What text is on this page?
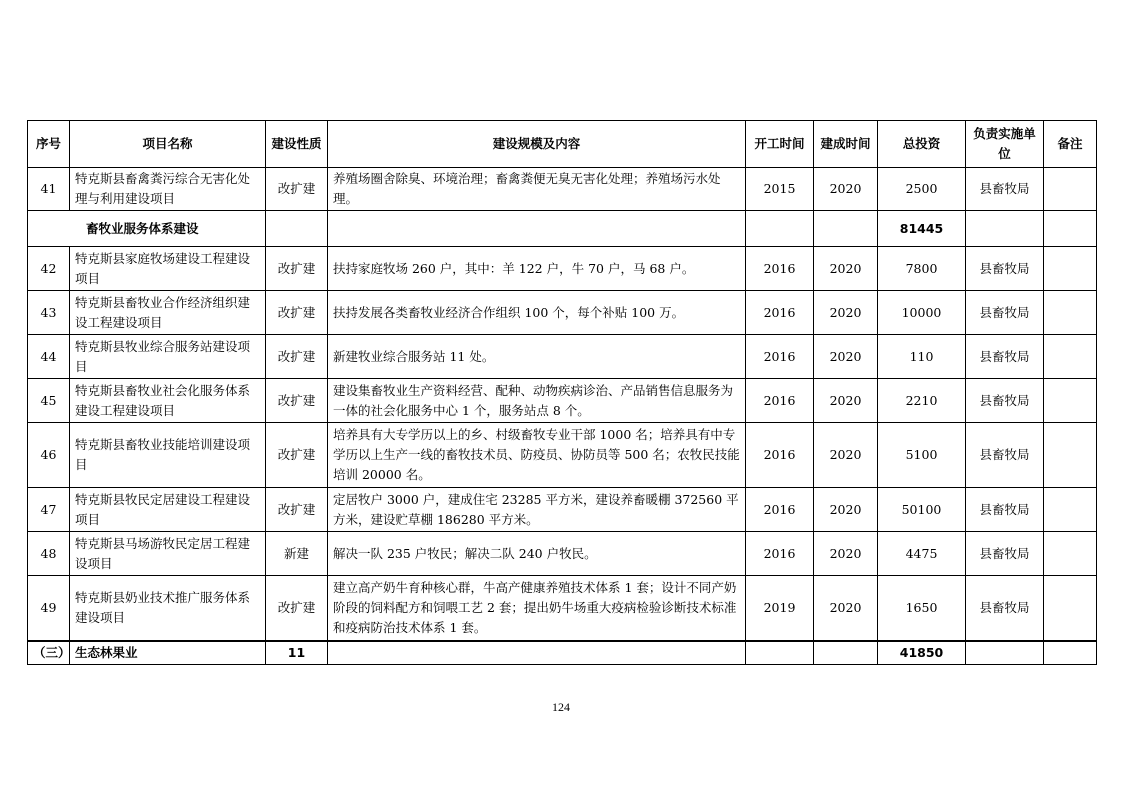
序号	项目名称	建设性质	建设规模及内容	开工时间	建成时间	总投资	负责实施单位	备注
41	特克斯县畜禽粪污综合无害化处理与利用建设项目	改扩建	养殖场圈舍除臭、环境治理；畜禽粪便无臭无害化处理；养殖场污水处理。	2015	2020	2500	县畜牧局	
畜牧业服务体系建设						81445		
42	特克斯县家庭牧场建设工程建设项目	改扩建	扶持家庭牧场 260 户，其中：羊 122 户，牛 70 户，马 68 户。	2016	2020	7800	县畜牧局	
43	特克斯县畜牧业合作经济组织建设工程建设项目	改扩建	扶持发展各类畜牧业经济合作组织 100 个，每个补贴 100 万。	2016	2020	10000	县畜牧局	
44	特克斯县牧业综合服务站建设项目	改扩建	新建牧业综合服务站 11 处。	2016	2020	110	县畜牧局	
45	特克斯县畜牧业社会化服务体系建设工程建设项目	改扩建	建设集畜牧业生产资料经营、配种、动物疾病诊治、产品销售信息服务为一体的社会化服务中心 1 个，服务站点 8 个。	2016	2020	2210	县畜牧局	
46	特克斯县畜牧业技能培训建设项目	改扩建	培养具有大专学历以上的乡、村级畜牧专业干部 1000 名；培养具有中专学历以上生产一线的畜牧技术员、防疫员、协防员等 500 名；农牧民技能培训 20000 名。	2016	2020	5100	县畜牧局	
47	特克斯县牧民定居建设工程建设项目	改扩建	定居牧户 3000 户，建成住宅 23285 平方米，建设养畜暖棚 372560 平方米，建设贮草棚 186280 平方米。	2016	2020	50100	县畜牧局	
48	特克斯县马场游牧民定居工程建设项目	新建	解决一队 235 户牧民；解决二队 240 户牧民。	2016	2020	4475	县畜牧局	
49	特克斯县奶业技术推广服务体系建设项目	改扩建	建立高产奶牛育种核心群，牛高产健康养殖技术体系 1 套；设计不同产奶阶段的饲料配方和饲喂工艺 2 套；提出奶牛场重大疫病检验诊断技术标准和疫病防治技术体系 1 套。	2019	2020	1650	县畜牧局	
（三）	生态林果业	11				41850		
124
